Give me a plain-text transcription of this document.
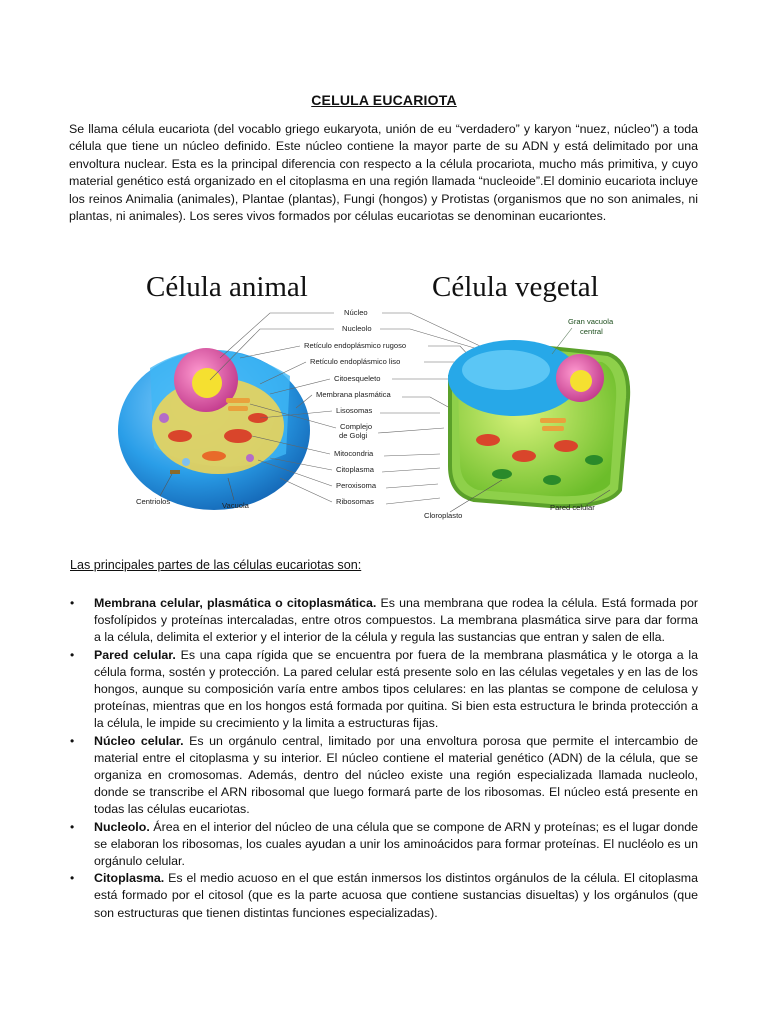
CELULA EUCARIOTA
Se llama célula eucariota (del vocablo griego eukaryota, unión de eu “verdadero” y karyon “nuez, núcleo”) a toda célula que tiene un núcleo definido. Este núcleo contiene la mayor parte de su ADN y está delimitado por una envoltura nuclear. Esta es la principal diferencia con respecto a la célula procariota, mucho más primitiva, y cuyo material genético está organizado en el citoplasma en una región llamada “nucleoide”.El dominio eucariota incluye los reinos Animalia (animales), Plantae (plantas), Fungi (hongos) y Protistas (organismos que no son animales, ni plantas, ni animales). Los seres vivos formados por células eucariotas se denominan eucariontes.
Célula animal	Célula vegetal
Centriolos	Vacuola
Núcleo
Nucleolo
Retículo endoplásmico rugoso
Retículo endoplásmico liso
Citoesqueleto
Membrana plasmática
Lisosomas
Complejo
de Golgi
Mitocondria
Citoplasma
Peroxisoma
Ribosomas
Gran vacuola
central
Cloroplasto
Pared celular
Las principales partes de las células eucariotas son:
• Membrana celular, plasmática o citoplasmática. Es una membrana que rodea la célula. Está formada por fosfolípidos y proteínas intercaladas, entre otros compuestos. La membrana plasmática sirve para dar forma a la célula, delimita el exterior y el interior de la célula y regula las sustancias que entran y salen de ella.
• Pared celular. Es una capa rígida que se encuentra por fuera de la membrana plasmática y le otorga a la célula forma, sostén y protección. La pared celular está presente solo en las células vegetales y en las de los hongos, aunque su composición varía entre ambos tipos celulares: en las plantas se compone de celulosa y proteínas, mientras que en los hongos está formada por quitina. Si bien esta estructura le brinda protección a la célula, le impide su crecimiento y la limita a estructuras fijas.
• Núcleo celular. Es un orgánulo central, limitado por una envoltura porosa que permite el intercambio de material entre el citoplasma y su interior. El núcleo contiene el material genético (ADN) de la célula, que se organiza en cromosomas. Además, dentro del núcleo existe una región especializada llamada nucleolo, donde se transcribe el ARN ribosomal que luego formará parte de los ribosomas. El núcleo está presente en todas las células eucariotas.
• Nucleolo. Área en el interior del núcleo de una célula que se compone de ARN y proteínas; es el lugar donde se elaboran los ribosomas, los cuales ayudan a unir los aminoácidos para formar proteínas. El nucléolo es un orgánulo celular.
• Citoplasma. Es el medio acuoso en el que están inmersos los distintos orgánulos de la célula. El citoplasma está formado por el citosol (que es la parte acuosa que contiene sustancias disueltas) y los orgánulos (que son estructuras que tienen distintas funciones especializadas).
